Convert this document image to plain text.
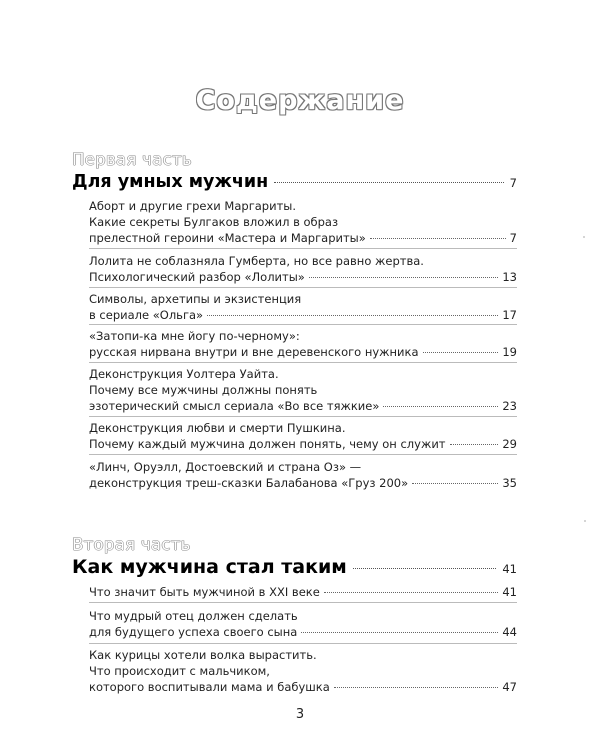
Содержание
Первая часть
Для умных мужчин	7
Аборт и другие грехи Маргариты.
Какие секреты Булгаков вложил в образ
прелестной героини «Мастера и Маргариты»	7
Лолита не соблазняла Гумберта, но все равно жертва.
Психологический разбор «Лолиты»	13
Символы, архетипы и экзистенция
в сериале «Ольга»	17
«Затопи-ка мне йогу по-черному»:
русская нирвана внутри и вне деревенского нужника	19
Деконструкция Уолтера Уайта.
Почему все мужчины должны понять
эзотерический смысл сериала «Во все тяжкие»	23
Деконструкция любви и смерти Пушкина.
Почему каждый мужчина должен понять, чему он служит	29
«Линч, Оруэлл, Достоевский и страна Оз» —
деконструкция треш-сказки Балабанова «Груз 200»	35
Вторая часть
Как мужчина стал таким	41
Что значит быть мужчиной в XXI веке	41
Что мудрый отец должен сделать
для будущего успеха своего сына	44
Как курицы хотели волка вырастить.
Что происходит с мальчиком,
которого воспитывали мама и бабушка	47
3
